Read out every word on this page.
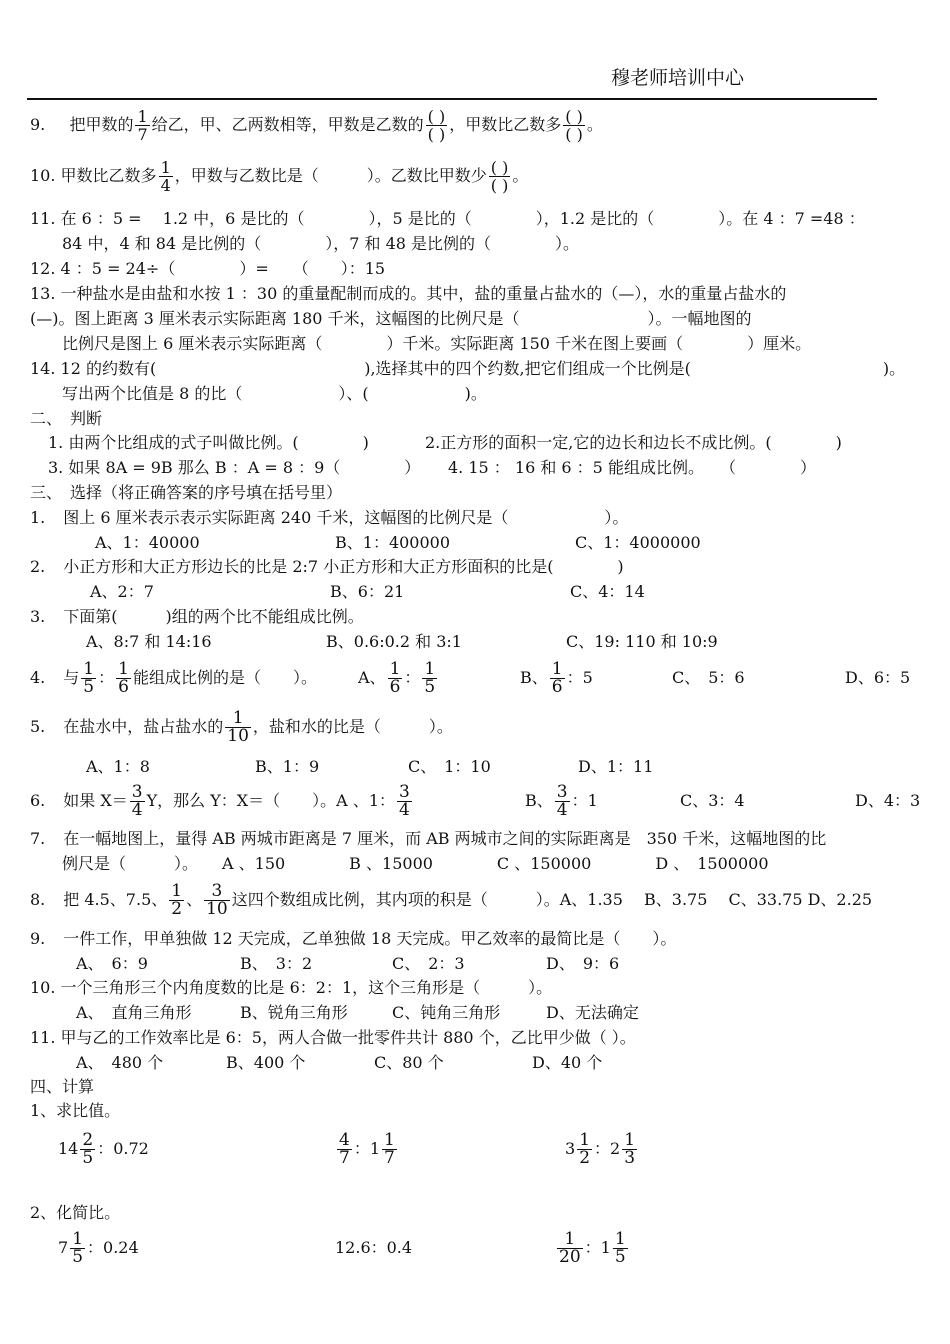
穆老师培训中心
9. 把甲数的 $\frac{1}{7}$ 给乙，甲、乙两数相等，甲数是乙数的 $\frac{( )}{( )}$ ，甲数比乙数多 $\frac{( )}{( )}$ 。
10. 甲数比乙数多 $\frac{1}{4}$ ，甲数与乙数比是（　　　）。乙数比甲数少 $\frac{( )}{( )}$ 。
11. 在 6 ：5 =　 1.2 中，6 是比的（　　　　），5 是比的（　　　　），1.2 是比的（　　　　）。在 4 ：7 =48 ：
84 中，4 和 84 是比例的（　　　　），7 和 48 是比例的（　　　　）。
12. 4 ：5 = 24÷（　　　　）=　　（　　）：15
13. 一种盐水是由盐和水按 1 ：30 的重量配制而成的。其中，盐的重量占盐水的（—），水的重量占盐水的
(—)。图上距离 3 厘米表示实际距离 180 千米，这幅图的比例尺是（　　　　　　　　）。一幅地图的
比例尺是图上 6 厘米表示实际距离（　　　　）千米。实际距离 150 千米在图上要画（　　　　）厘米。
14. 12 的约数有(　　　　　　　　　　　　　),选择其中的四个约数,把它们组成一个比例是(　　　　　　　　　　　　)。
写出两个比值是 8 的比（　　　　　　）、(　　　　　　)。
二、　判断
1. 由两个比组成的式子叫做比例。(　　　　)	2.正方形的面积一定,它的边长和边长不成比例。(　　　　)
3. 如果 8A = 9B 那么 B ：A = 8 ：9（　　　　） 4. 15 ： 16 和 6 ：5 能组成比例。　　（　　　　）
三、　选择（将正确答案的序号填在括号里）
1. 图上 6 厘米表示表示实际距离 240 千米，这幅图的比例尺是（　　　　　　）。
A、1：40000	B、1：400000	C、1：4000000
2. 小正方形和大正方形边长的比是 2:7 小正方形和大正方形面积的比是(　　　　)
A、2：7	B、6：21	C、4：14
3. 下面第(　　　)组的两个比不能组成比例。
A、8:7 和 14:16	B、0.6:0.2 和 3:1	C、19: 110 和 10:9
4. 与 $\frac{1}{5}$ ： $\frac{1}{6}$ 能组成比例的是（　　）。	A、 $\frac{1}{6}$ ： $\frac{1}{5}$	B、 $\frac{1}{6}$ ：5	C、　5：6	D、6：5
5. 在盐水中，盐占盐水的 $\frac{1}{10}$ ，盐和水的比是（　　　）。
A、1：8	B、1：9	C、　1：10	D、1：11
6. 如果 $X= \frac{3}{4}$ Y，那么 Y：X＝（　　）。A 、1： $\frac{3}{4}$	B、 $\frac{3}{4}$ ：1	C、3：4	D、4：3
7. 在一幅地图上，量得 AB 两城市距离是 7 厘米，而 AB 两城市之间的实际距离是　350 千米，这幅地图的比
例尺是（　　　）。　　A 、150　　　　B 、15000　　　　C 、150000　　　　D 、　1500000
8. 把 4.5、7.5、 $\frac{1}{2}$ 、 $\frac{3}{10}$ 这四个数组成比例，其内项的积是（　　　）。A、1.35　 B、3.75　 C、33.75 D、2.25
9. 一件工作，甲单独做 12 天完成，乙单独做 18 天完成。甲乙效率的最简比是（　　）。
A、　6：9	B、　3：2	C、　2：3	D、　9：6
10. 一个三角形三个内角度数的比是 6：2：1，这个三角形是（　　　）。
A、　直角三角形	B、锐角三角形	C、钝角三角形	D、无法确定
11. 甲与乙的工作效率比是 6：5，两人合做一批零件共计 880 个，乙比甲少做（ ）。
A、　480 个	B、400 个	C、80 个	D、40 个
四、计算
1、求比值。
$14 \frac{2}{5}$ ：0.72	$\frac{4}{7}$ ：$1 \frac{1}{7}$	$3 \frac{1}{2}$ ：$2 \frac{1}{3}$
2、化简比。
$7 \frac{1}{5}$ ：0.24	12.6：0.4	$\frac{1}{20}$ ：$1 \frac{1}{5}$
